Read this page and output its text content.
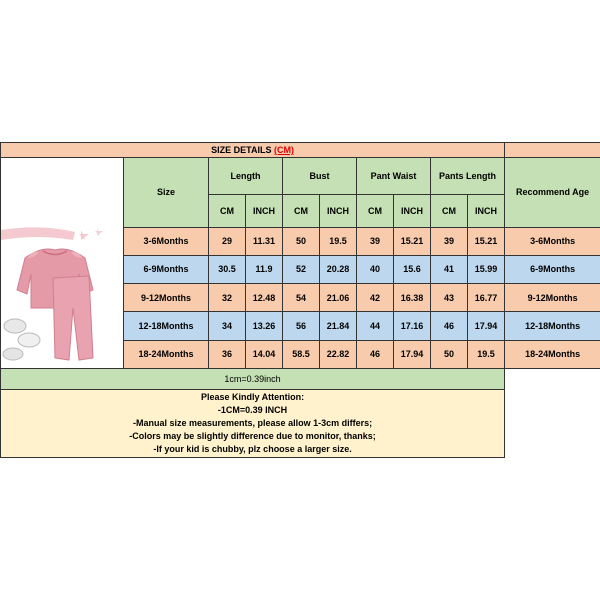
SIZE DETAILS (CM)										

	Size	Length		Bust		Pant Waist		Pants Length		Recommend Age
		CM	INCH	CM	INCH	CM	INCH	CM	INCH	
	3-6Months	29	11.31	50	19.5	39	15.21	39	15.21	3-6Months
	6-9Months	30.5	11.9	52	20.28	40	15.6	41	15.99	6-9Months
	9-12Months	32	12.48	54	21.06	42	16.38	43	16.77	9-12Months
	12-18Months	34	13.26	56	21.84	44	17.16	46	17.94	12-18Months
	18-24Months	36	14.04	58.5	22.82	46	17.94	50	19.5	18-24Months
1cm=0.39inch										

Please Kindly Attention:
-1CM=0.39 INCH
-Manual size measurements, please allow 1-3cm differs;
-Colors may be slightly difference due to monitor, thanks;
-If your kid is chubby, plz choose a larger size.										
